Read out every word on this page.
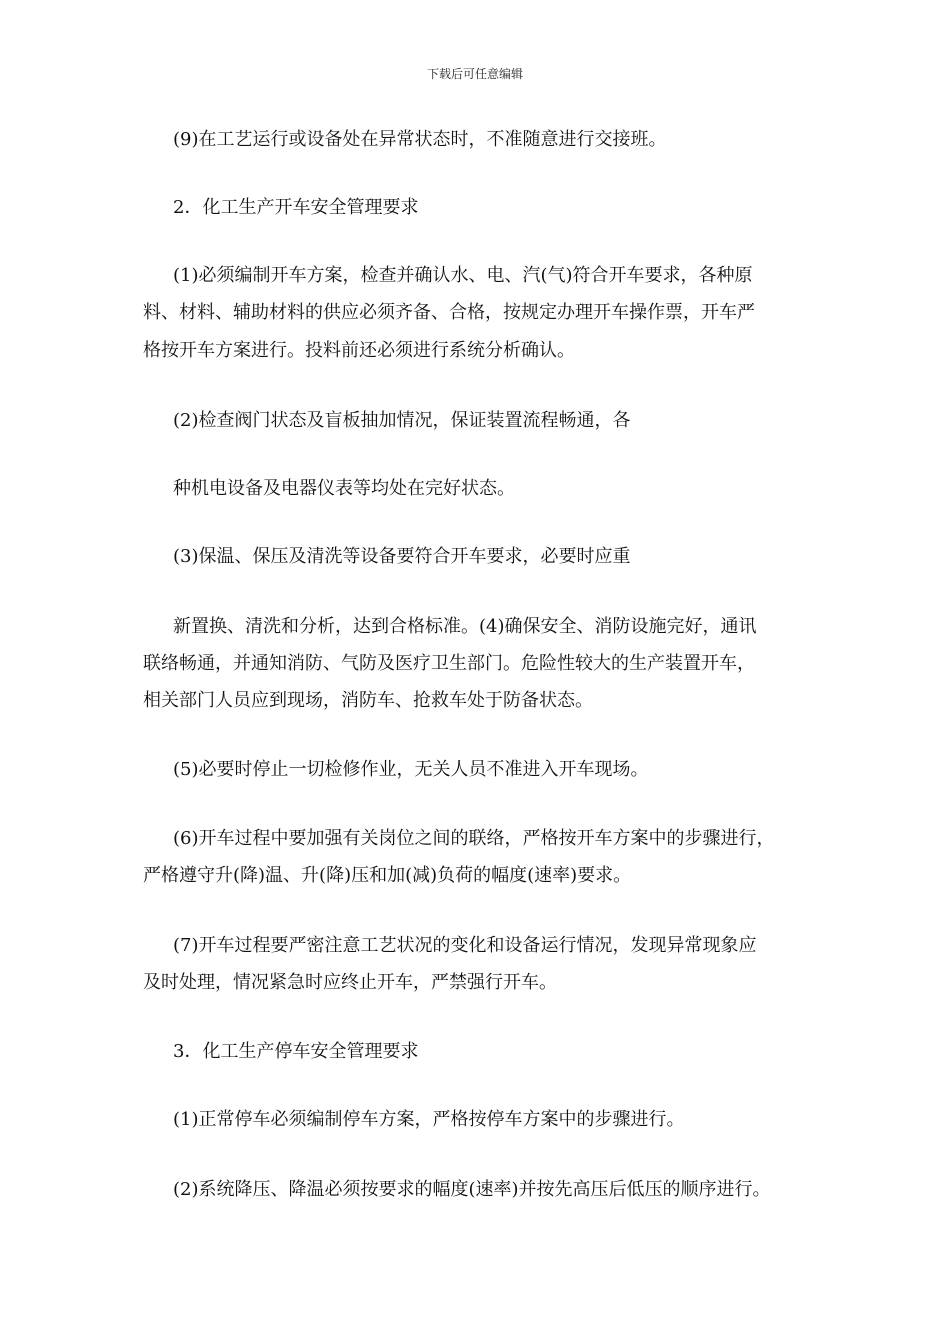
下载后可任意编辑
(9)在工艺运行或设备处在异常状态时，不准随意进行交接班。
2．化工生产开车安全管理要求
(1)必须编制开车方案，检查并确认水、电、汽(气)符合开车要求，各种原
料、材料、辅助材料的供应必须齐备、合格，按规定办理开车操作票，开车严
格按开车方案进行。投料前还必须进行系统分析确认。
(2)检查阀门状态及盲板抽加情况，保证装置流程畅通，各
种机电设备及电器仪表等均处在完好状态。
(3)保温、保压及清洗等设备要符合开车要求，必要时应重
新置换、清洗和分析，达到合格标准。(4)确保安全、消防设施完好，通讯
联络畅通，并通知消防、气防及医疗卫生部门。危险性较大的生产装置开车，
相关部门人员应到现场，消防车、抢救车处于防备状态。
(5)必要时停止一切检修作业，无关人员不准进入开车现场。
(6)开车过程中要加强有关岗位之间的联络，严格按开车方案中的步骤进行，
严格遵守升(降)温、升(降)压和加(减)负荷的幅度(速率)要求。
(7)开车过程要严密注意工艺状况的变化和设备运行情况，发现异常现象应
及时处理，情况紧急时应终止开车，严禁强行开车。
3．化工生产停车安全管理要求
(1)正常停车必须编制停车方案，严格按停车方案中的步骤进行。
(2)系统降压、降温必须按要求的幅度(速率)并按先高压后低压的顺序进行。
